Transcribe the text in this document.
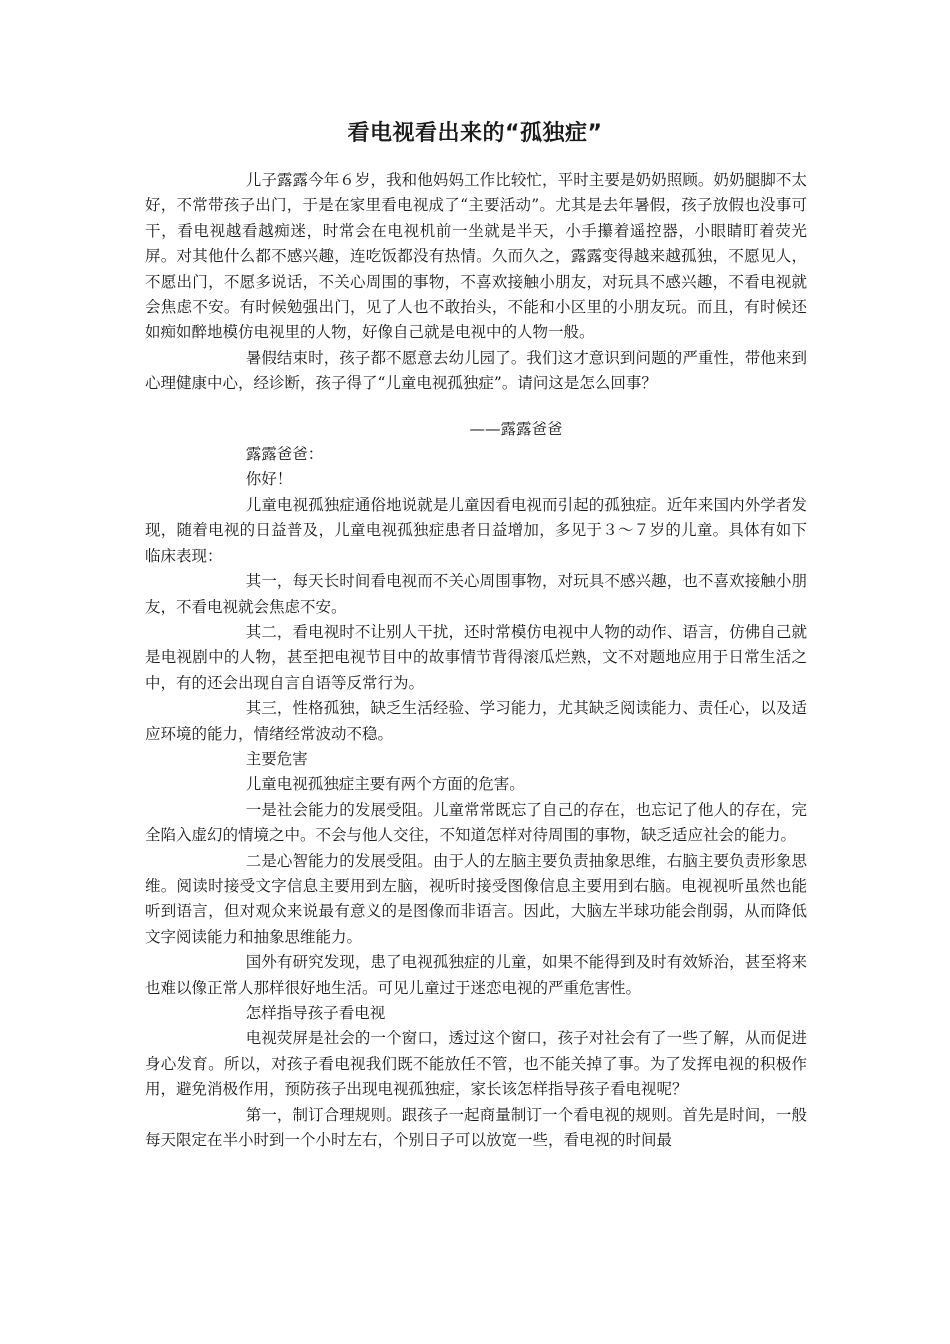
看电视看出来的“孤独症”

儿子露露今年６岁，我和他妈妈工作比较忙，平时主要是奶奶照顾。奶奶腿脚不太好，不常带孩子出门，于是在家里看电视成了“主要活动”。尤其是去年暑假，孩子放假也没事可干，看电视越看越痴迷，时常会在电视机前一坐就是半天，小手攥着遥控器，小眼睛盯着荧光屏。对其他什么都不感兴趣，连吃饭都没有热情。久而久之，露露变得越来越孤独，不愿见人，不愿出门，不愿多说话，不关心周围的事物，不喜欢接触小朋友，对玩具不感兴趣，不看电视就会焦虑不安。有时候勉强出门，见了人也不敢抬头，不能和小区里的小朋友玩。而且，有时候还如痴如醉地模仿电视里的人物，好像自己就是电视中的人物一般。

暑假结束时，孩子都不愿意去幼儿园了。我们这才意识到问题的严重性，带他来到心理健康中心，经诊断，孩子得了“儿童电视孤独症”。请问这是怎么回事？

——露露爸爸

露露爸爸：

你好！

儿童电视孤独症通俗地说就是儿童因看电视而引起的孤独症。近年来国内外学者发现，随着电视的日益普及，儿童电视孤独症患者日益增加，多见于３～７岁的儿童。具体有如下临床表现：

其一，每天长时间看电视而不关心周围事物，对玩具不感兴趣，也不喜欢接触小朋友，不看电视就会焦虑不安。

其二，看电视时不让别人干扰，还时常模仿电视中人物的动作、语言，仿佛自己就是电视剧中的人物，甚至把电视节目中的故事情节背得滚瓜烂熟，文不对题地应用于日常生活之中，有的还会出现自言自语等反常行为。

其三，性格孤独，缺乏生活经验、学习能力，尤其缺乏阅读能力、责任心，以及适应环境的能力，情绪经常波动不稳。

主要危害

儿童电视孤独症主要有两个方面的危害。

一是社会能力的发展受阻。儿童常常既忘了自己的存在，也忘记了他人的存在，完全陷入虚幻的情境之中。不会与他人交往，不知道怎样对待周围的事物，缺乏适应社会的能力。

二是心智能力的发展受阻。由于人的左脑主要负责抽象思维，右脑主要负责形象思维。阅读时接受文字信息主要用到左脑，视听时接受图像信息主要用到右脑。电视视听虽然也能听到语言，但对观众来说最有意义的是图像而非语言。因此，大脑左半球功能会削弱，从而降低文字阅读能力和抽象思维能力。

国外有研究发现，患了电视孤独症的儿童，如果不能得到及时有效矫治，甚至将来也难以像正常人那样很好地生活。可见儿童过于迷恋电视的严重危害性。

怎样指导孩子看电视

电视荧屏是社会的一个窗口，透过这个窗口，孩子对社会有了一些了解，从而促进身心发育。所以，对孩子看电视我们既不能放任不管，也不能关掉了事。为了发挥电视的积极作用，避免消极作用，预防孩子出现电视孤独症，家长该怎样指导孩子看电视呢？

第一，制订合理规则。跟孩子一起商量制订一个看电视的规则。首先是时间，一般每天限定在半小时到一个小时左右，个别日子可以放宽一些，看电视的时间最
